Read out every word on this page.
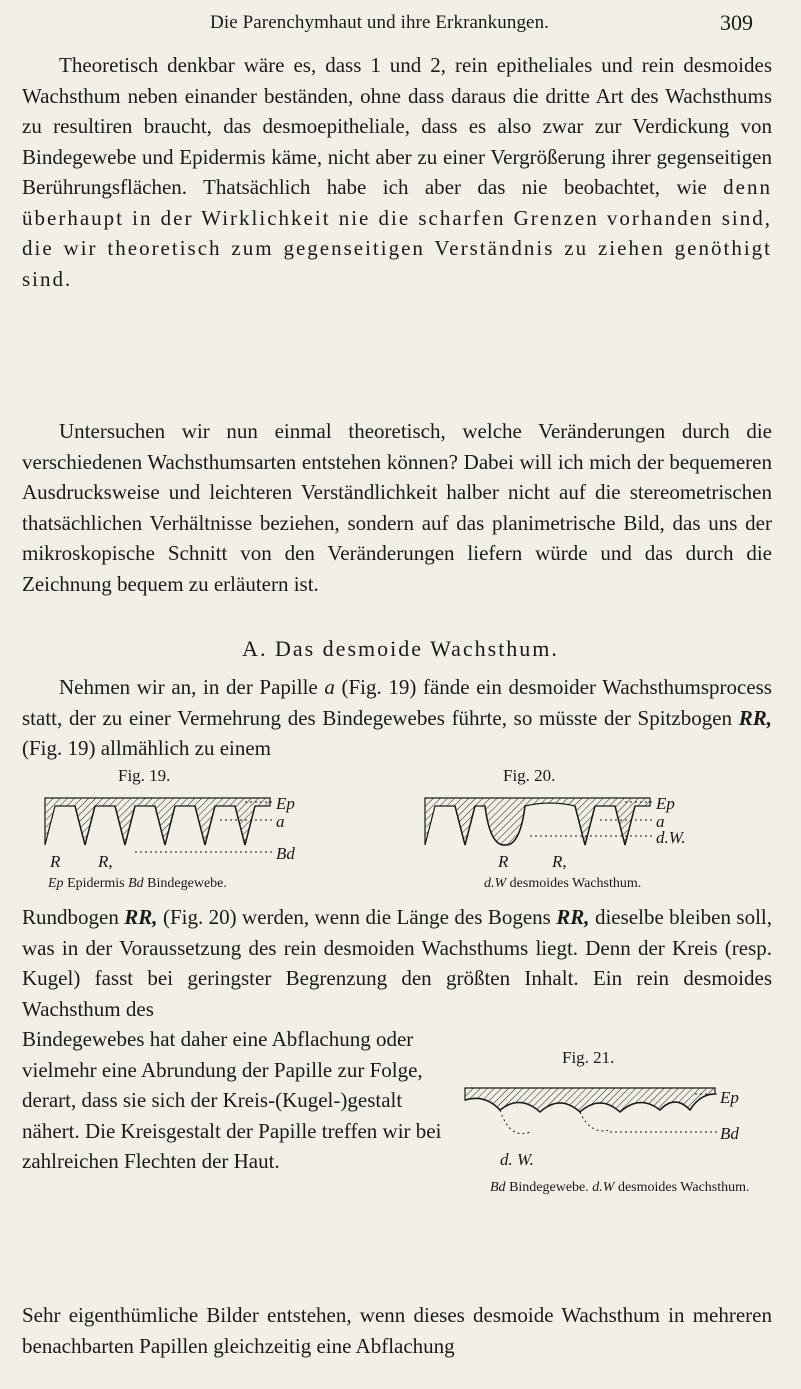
Die Parenchymhaut und ihre Erkrankungen.	309
Theoretisch denkbar wäre es, dass 1 und 2, rein epitheliales und rein desmoides Wachsthum neben einander beständen, ohne dass daraus die dritte Art des Wachsthums zu resultiren braucht, das desmoepitheliale, dass es also zwar zur Verdickung von Bindegewebe und Epidermis käme, nicht aber zu einer Vergrößerung ihrer gegenseitigen Berührungsflächen. Thatsächlich habe ich aber das nie beobachtet, wie denn überhaupt in der Wirklichkeit nie die scharfen Grenzen vorhanden sind, die wir theoretisch zum gegenseitigen Verständnis zu ziehen genöthigt sind.
Untersuchen wir nun einmal theoretisch, welche Veränderungen durch die verschiedenen Wachsthumsarten entstehen können? Dabei will ich mich der bequemeren Ausdrucksweise und leichteren Verständlichkeit halber nicht auf die stereometrischen thatsächlichen Verhältnisse beziehen, sondern auf das planimetrische Bild, das uns der mikroskopische Schnitt von den Veränderungen liefern würde und das durch die Zeichnung bequem zu erläutern ist.
A. Das desmoide Wachsthum.
Nehmen wir an, in der Papille a (Fig. 19) fände ein desmoider Wachsthumsprocess statt, der zu einer Vermehrung des Bindegewebes führte, so müsste der Spitzbogen RR, (Fig. 19) allmählich zu einem
Fig. 19.
Ep
a
Bd
R R,
Ep Epidermis Bd Bindegewebe.
Fig. 20.
Ep
a
d.W.
R	R,
d.W desmoides Wachsthum.
Rundbogen RR, (Fig. 20) werden, wenn die Länge des Bogens RR, dieselbe bleiben soll, was in der Voraussetzung des rein desmoiden Wachsthums liegt. Denn der Kreis (resp. Kugel) fasst bei geringster Begrenzung den größten Inhalt. Ein rein desmoides Wachsthum des
Bindegewebes hat daher eine Abflachung oder vielmehr eine Abrundung der Papille zur Folge, derart, dass sie sich der Kreis-(Kugel-)gestalt nähert. Die Kreisgestalt der Papille treffen wir bei zahlreichen Flechten der Haut.
Fig. 21.
Ep
Bd
d. W.
Bd Bindegewebe. d.W desmoides Wachsthum.
Sehr eigenthümliche Bilder entstehen, wenn dieses desmoide Wachsthum in mehreren benachbarten Papillen gleichzeitig eine Abflachung
